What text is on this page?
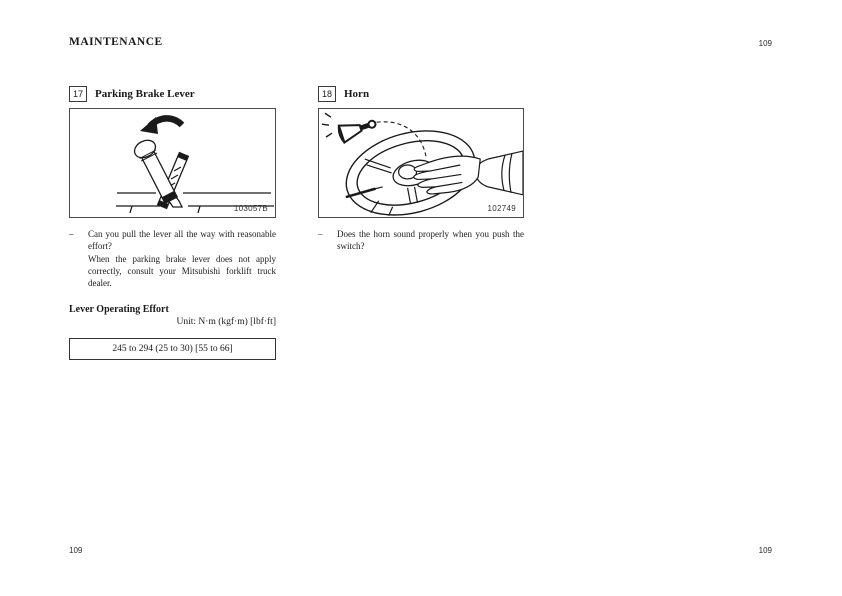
MAINTENANCE	109
17	Parking Brake Lever
103057B
–	Can you pull the lever all the way with reasonable effort?

When the parking brake lever does not apply correctly, consult your Mitsubishi forklift truck dealer.

Lever Operating Effort
Unit: N·m (kgf·m) [lbf·ft]
245 to 294 (25 to 30) [55 to 66]
18	Horn
102749
–	Does the horn sound properly when you push the switch?

109	109
